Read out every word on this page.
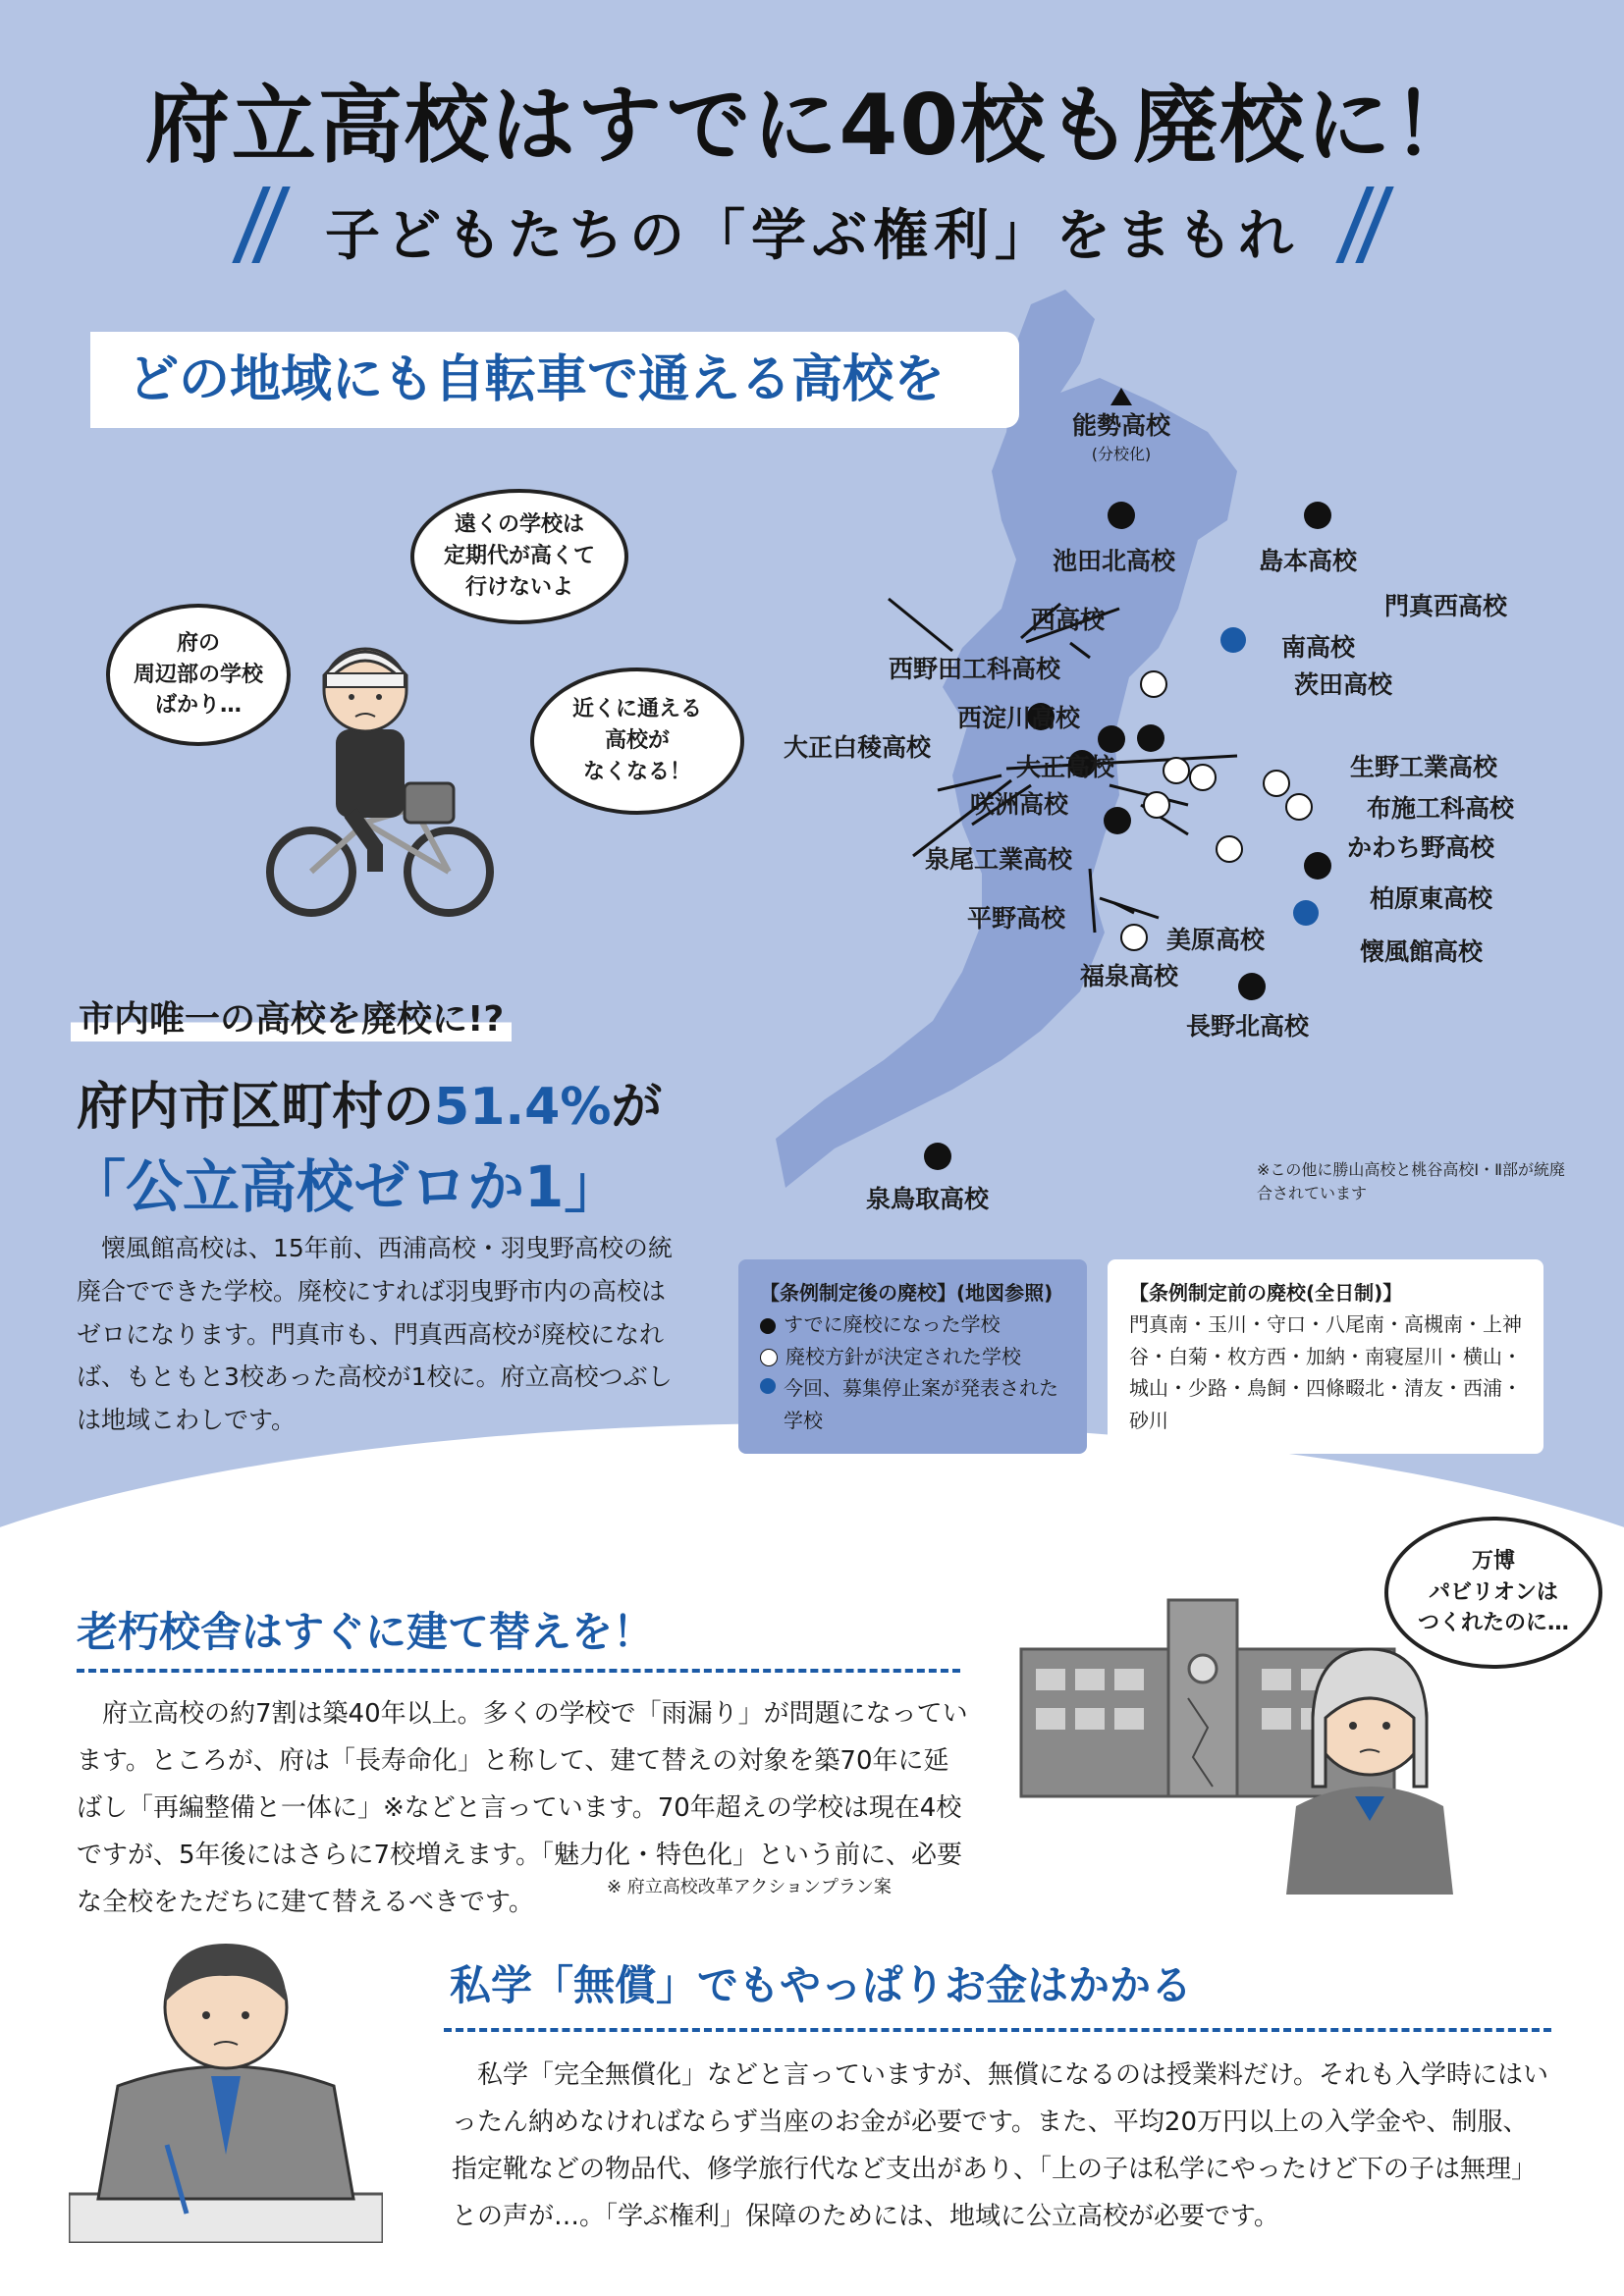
府立高校はすでに40校も廃校に！
子どもたちの「学ぶ権利」をまもれ
能勢高校
(分校化)
池田北高校	島本高校
門真西高校
西高校
南高校
西野田工科高校
茨田高校
西淀川高校
大正白稜高校
大正高校	生野工業高校
咲洲高校	布施工科高校
泉尾工業高校	かわち野高校
柏原東高校
平野高校
美原高校	懐風館高校
福泉高校
長野北高校
泉鳥取高校
※この他に勝山高校と桃谷高校Ⅰ・Ⅱ部が統廃合されています
どの地域にも自転車で通える高校を
府の
周辺部の学校
ばかり…
遠くの学校は
定期代が高くて
行けないよ
近くに通える
高校が
なくなる！
万博
パビリオンは
つくれたのに…
市内唯一の高校を廃校に!?
府内市区町村の51.4%が
「公立高校ゼロか1」
懐風館高校は、15年前、西浦高校・羽曳野高校の統廃合でできた学校。廃校にすれば羽曳野市内の高校はゼロになります。門真市も、門真西高校が廃校になれば、もともと3校あった高校が1校に。府立高校つぶしは地域こわしです。
【条例制定後の廃校】(地図参照)
すでに廃校になった学校
廃校方針が決定された学校
今回、募集停止案が発表された学校
【条例制定前の廃校(全日制)】
門真南・玉川・守口・八尾南・高槻南・上神谷・白菊・枚方西・加納・南寝屋川・横山・城山・少路・鳥飼・四條畷北・清友・西浦・砂川
老朽校舎はすぐに建て替えを！
府立高校の約7割は築40年以上。多くの学校で「雨漏り」が問題になっています。ところが、府は「長寿命化」と称して、建て替えの対象を築70年に延ばし「再編整備と一体に」※などと言っています。70年超えの学校は現在4校ですが、5年後にはさらに7校増えます。「魅力化・特色化」という前に、必要な全校をただちに建て替えるべきです。
※ 府立高校改革アクションプラン案
私学「無償」でもやっぱりお金はかかる
私学「完全無償化」などと言っていますが、無償になるのは授業料だけ。それも入学時にはいったん納めなければならず当座のお金が必要です。また、平均20万円以上の入学金や、制服、指定靴などの物品代、修学旅行代など支出があり、「上の子は私学にやったけど下の子は無理」との声が…。「学ぶ権利」保障のためには、地域に公立高校が必要です。
